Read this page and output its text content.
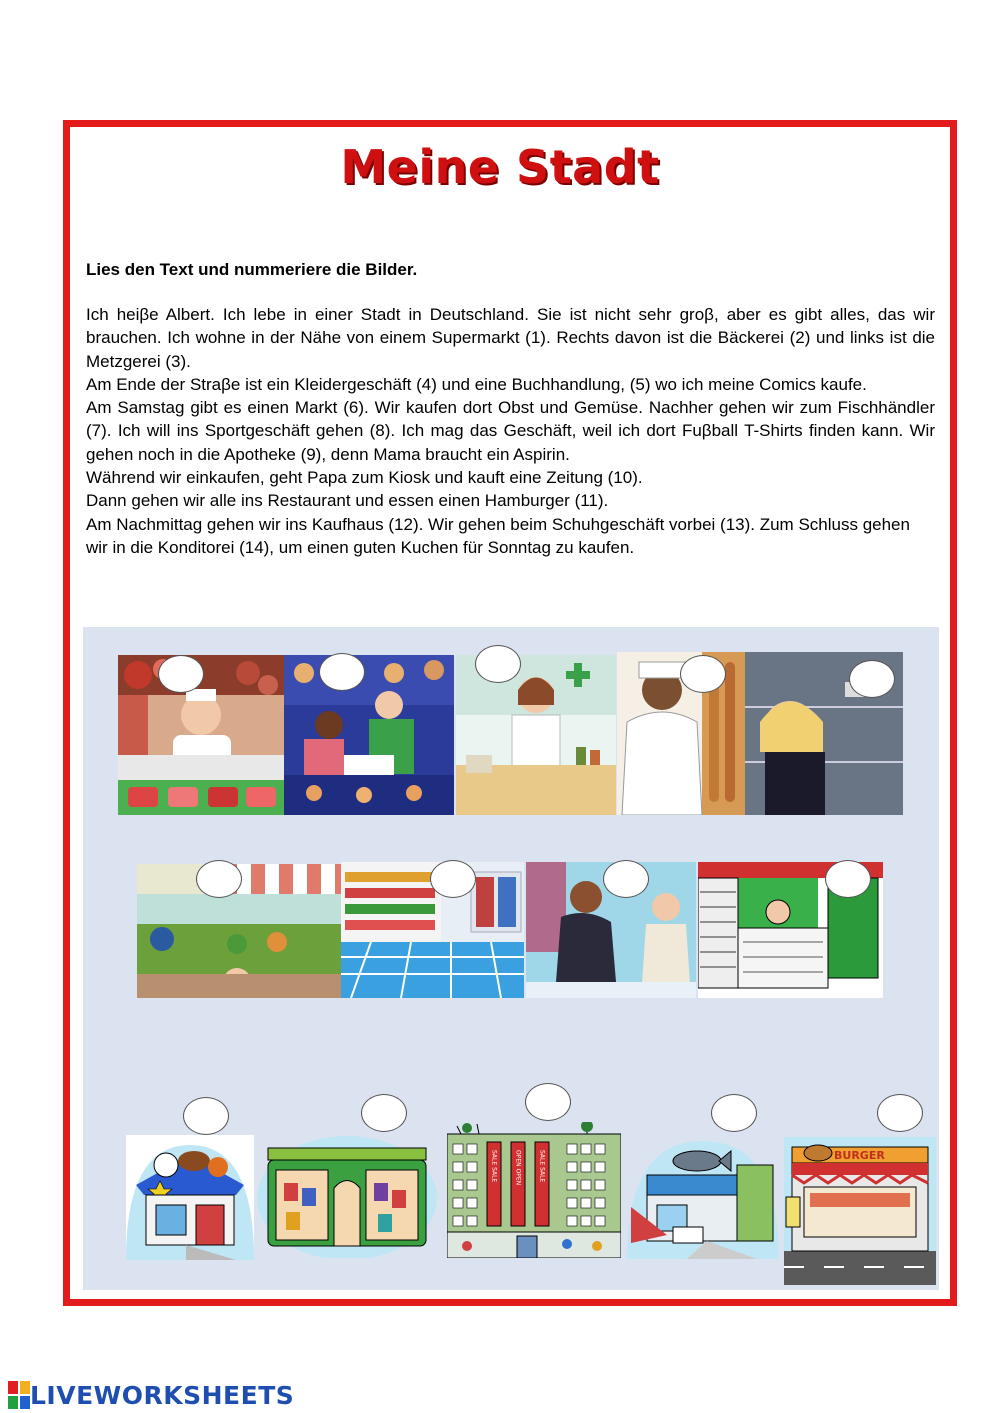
Meine Stadt
Lies den Text und nummeriere die Bilder.

Ich heiβe Albert. Ich lebe in einer Stadt in Deutschland. Sie ist nicht sehr groβ, aber es gibt alles, das wir brauchen. Ich wohne in der Nähe von einem Supermarkt (1). Rechts davon ist die Bäckerei (2) und links ist die Metzgerei (3).

Am Ende der Straβe ist ein Kleidergeschäft (4) und eine Buchhandlung, (5) wo ich meine Comics kaufe.

Am Samstag gibt es einen Markt (6). Wir kaufen dort Obst und Gemüse. Nachher gehen wir zum Fischhändler (7). Ich will ins Sportgeschäft gehen (8). Ich mag das Geschäft, weil ich dort Fuβball T-Shirts finden kann. Wir gehen noch in die Apotheke (9), denn Mama braucht ein Aspirin.

Während wir einkaufen, geht Papa zum Kiosk und kauft eine Zeitung (10).

Dann gehen wir alle ins Restaurant und essen einen Hamburger (11).

Am Nachmittag gehen wir ins Kaufhaus (12). Wir gehen beim Schuhgeschäft vorbei (13). Zum Schluss gehen wir in die Konditorei (14), um einen guten Kuchen für Sonntag zu kaufen.

SALE SALE	OPEN OPEN	SALE SALE	BURGER
LIVEWORKSHEETS
